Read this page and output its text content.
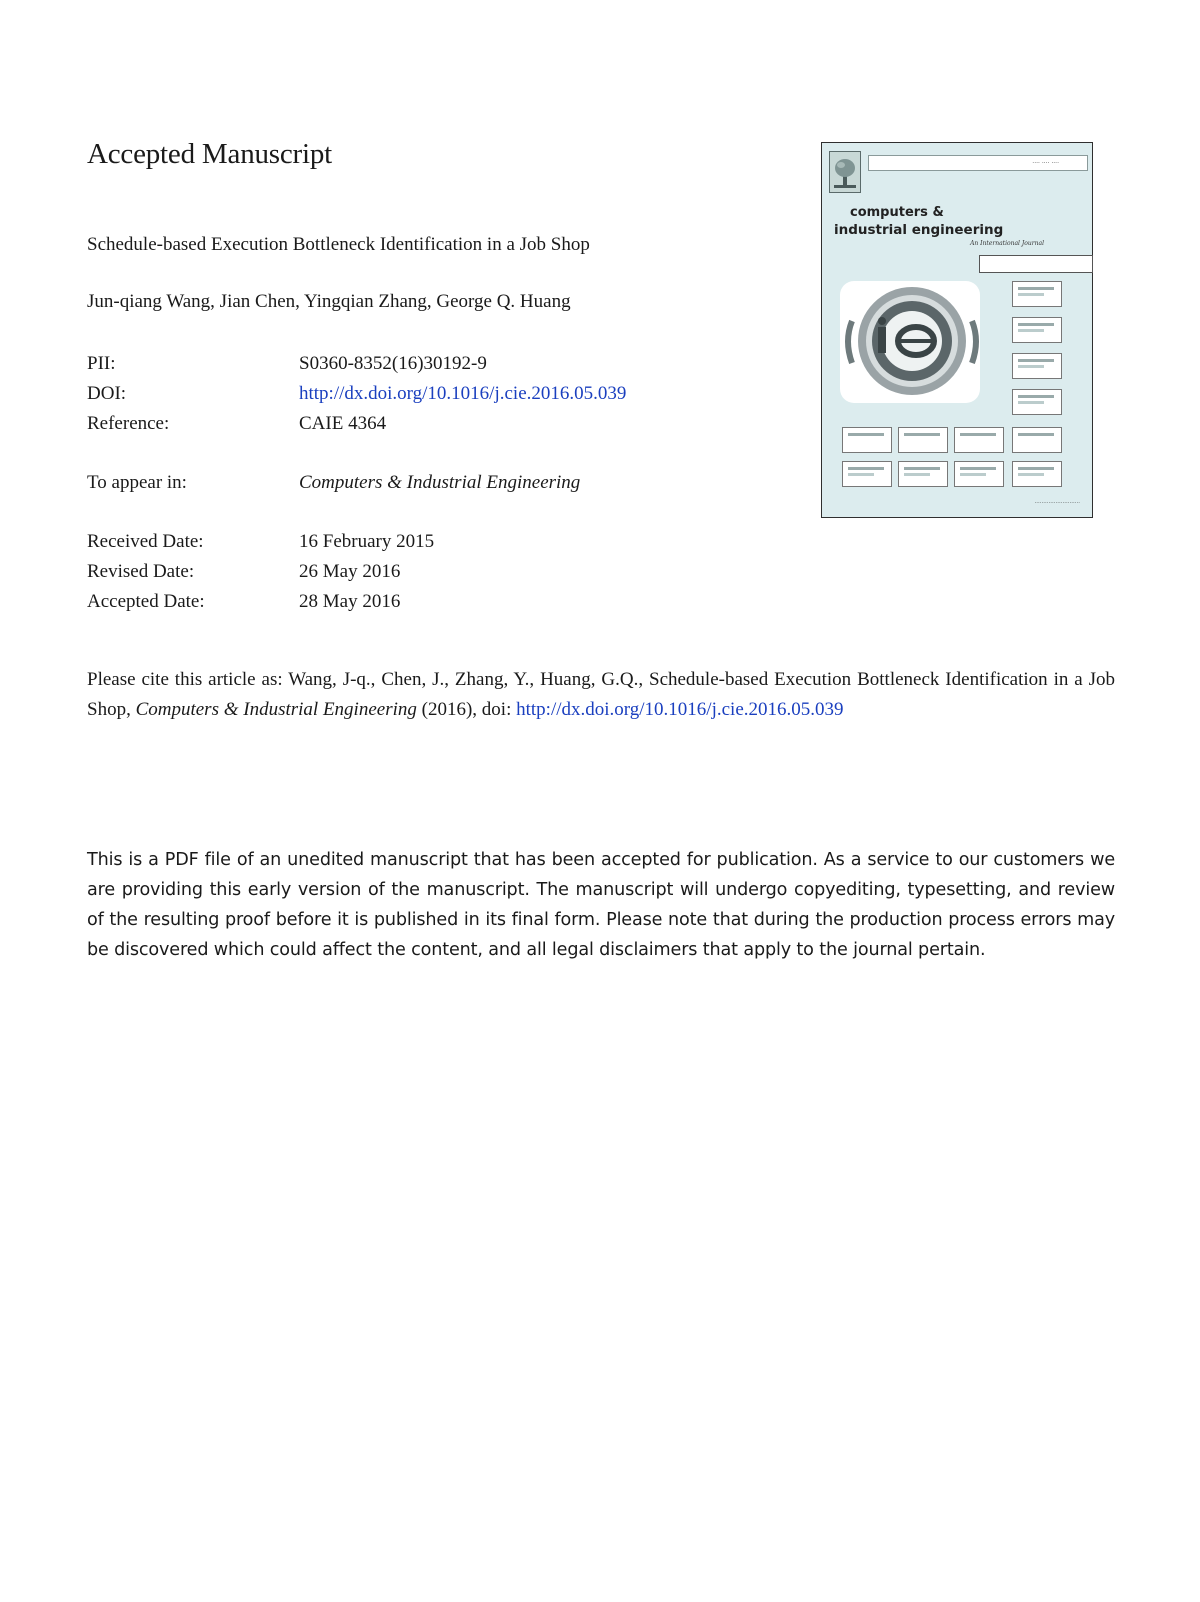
Accepted Manuscript
Schedule-based Execution Bottleneck Identification in a Job Shop
Jun-qiang Wang, Jian Chen, Yingqian Zhang, George Q. Huang
PII:	S0360-8352(16)30192-9
DOI:	http://dx.doi.org/10.1016/j.cie.2016.05.039
Reference:	CAIE 4364
To appear in:	Computers & Industrial Engineering
Received Date:	16 February 2015
Revised Date:	26 May 2016
Accepted Date:	28 May 2016
Please cite this article as: Wang, J-q., Chen, J., Zhang, Y., Huang, G.Q., Schedule-based Execution Bottleneck Identification in a Job Shop, Computers & Industrial Engineering (2016), doi: http://dx.doi.org/10.1016/j.cie.2016.05.039
This is a PDF file of an unedited manuscript that has been accepted for publication. As a service to our customers we are providing this early version of the manuscript. The manuscript will undergo copyediting, typesetting, and review of the resulting proof before it is published in its final form. Please note that during the production process errors may be discovered which could affect the content, and all legal disclaimers that apply to the journal pertain.
.... .... ....
computers &
industrial engineering
An International Journal
..........................
